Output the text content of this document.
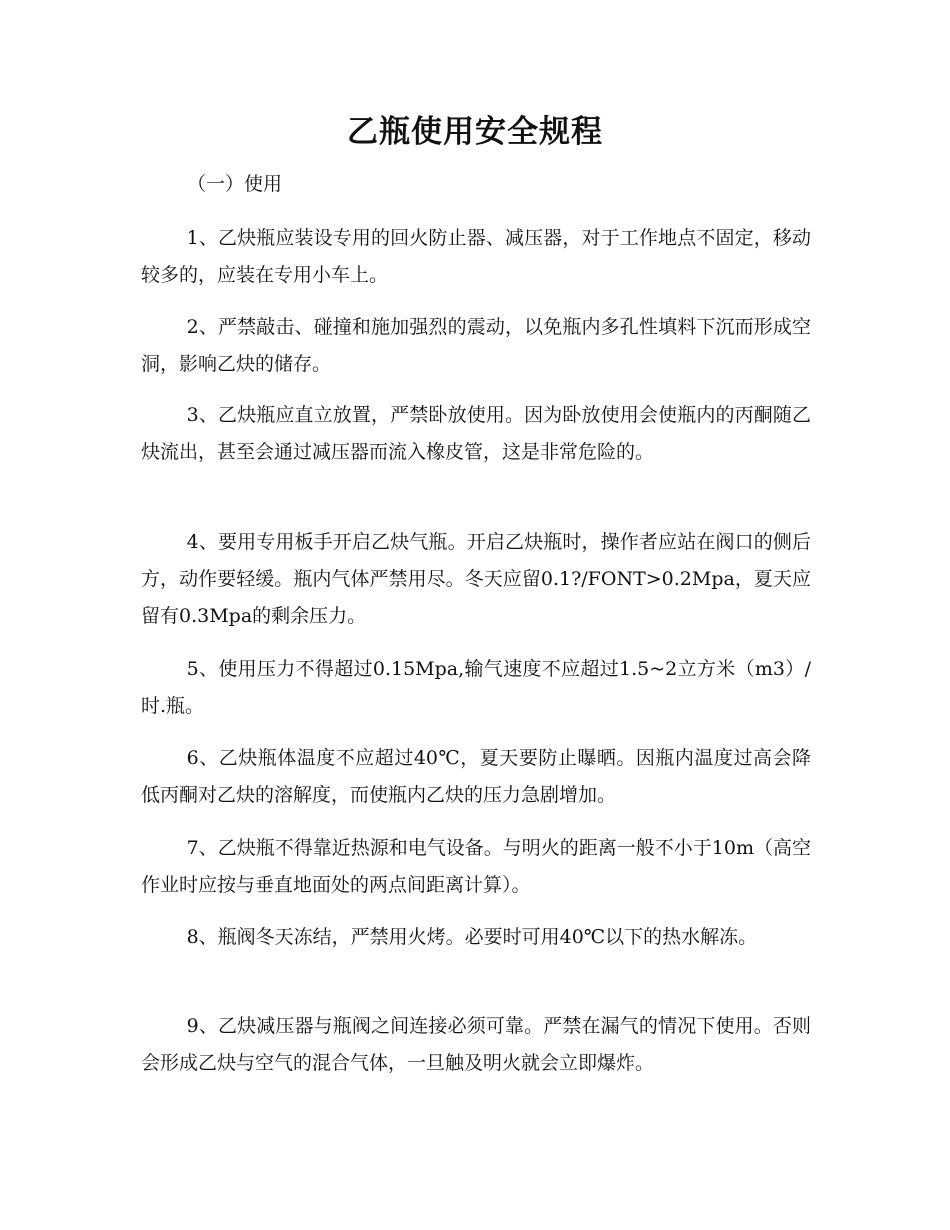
乙瓶使用安全规程

（一）使用

1、乙炔瓶应装设专用的回火防止器、减压器，对于工作地点不固定，移动较多的，应装在专用小车上。

2、严禁敲击、碰撞和施加强烈的震动，以免瓶内多孔性填料下沉而形成空洞，影响乙炔的储存。

3、乙炔瓶应直立放置，严禁卧放使用。因为卧放使用会使瓶内的丙酮随乙炔流出，甚至会通过减压器而流入橡皮管，这是非常危险的。

4、要用专用板手开启乙炔气瓶。开启乙炔瓶时，操作者应站在阀口的侧后方，动作要轻缓。瓶内气体严禁用尽。冬天应留0.1?/FONT>0.2Mpa，夏天应留有0.3Mpa的剩余压力。

5、使用压力不得超过0.15Mpa,输气速度不应超过1.5~2立方米（m3）/时.瓶。

6、乙炔瓶体温度不应超过40℃，夏天要防止曝晒。因瓶内温度过高会降低丙酮对乙炔的溶解度，而使瓶内乙炔的压力急剧增加。

7、乙炔瓶不得靠近热源和电气设备。与明火的距离一般不小于10m（高空作业时应按与垂直地面处的两点间距离计算）。

8、瓶阀冬天冻结，严禁用火烤。必要时可用40℃以下的热水解冻。

9、乙炔减压器与瓶阀之间连接必须可靠。严禁在漏气的情况下使用。否则会形成乙炔与空气的混合气体，一旦触及明火就会立即爆炸。
